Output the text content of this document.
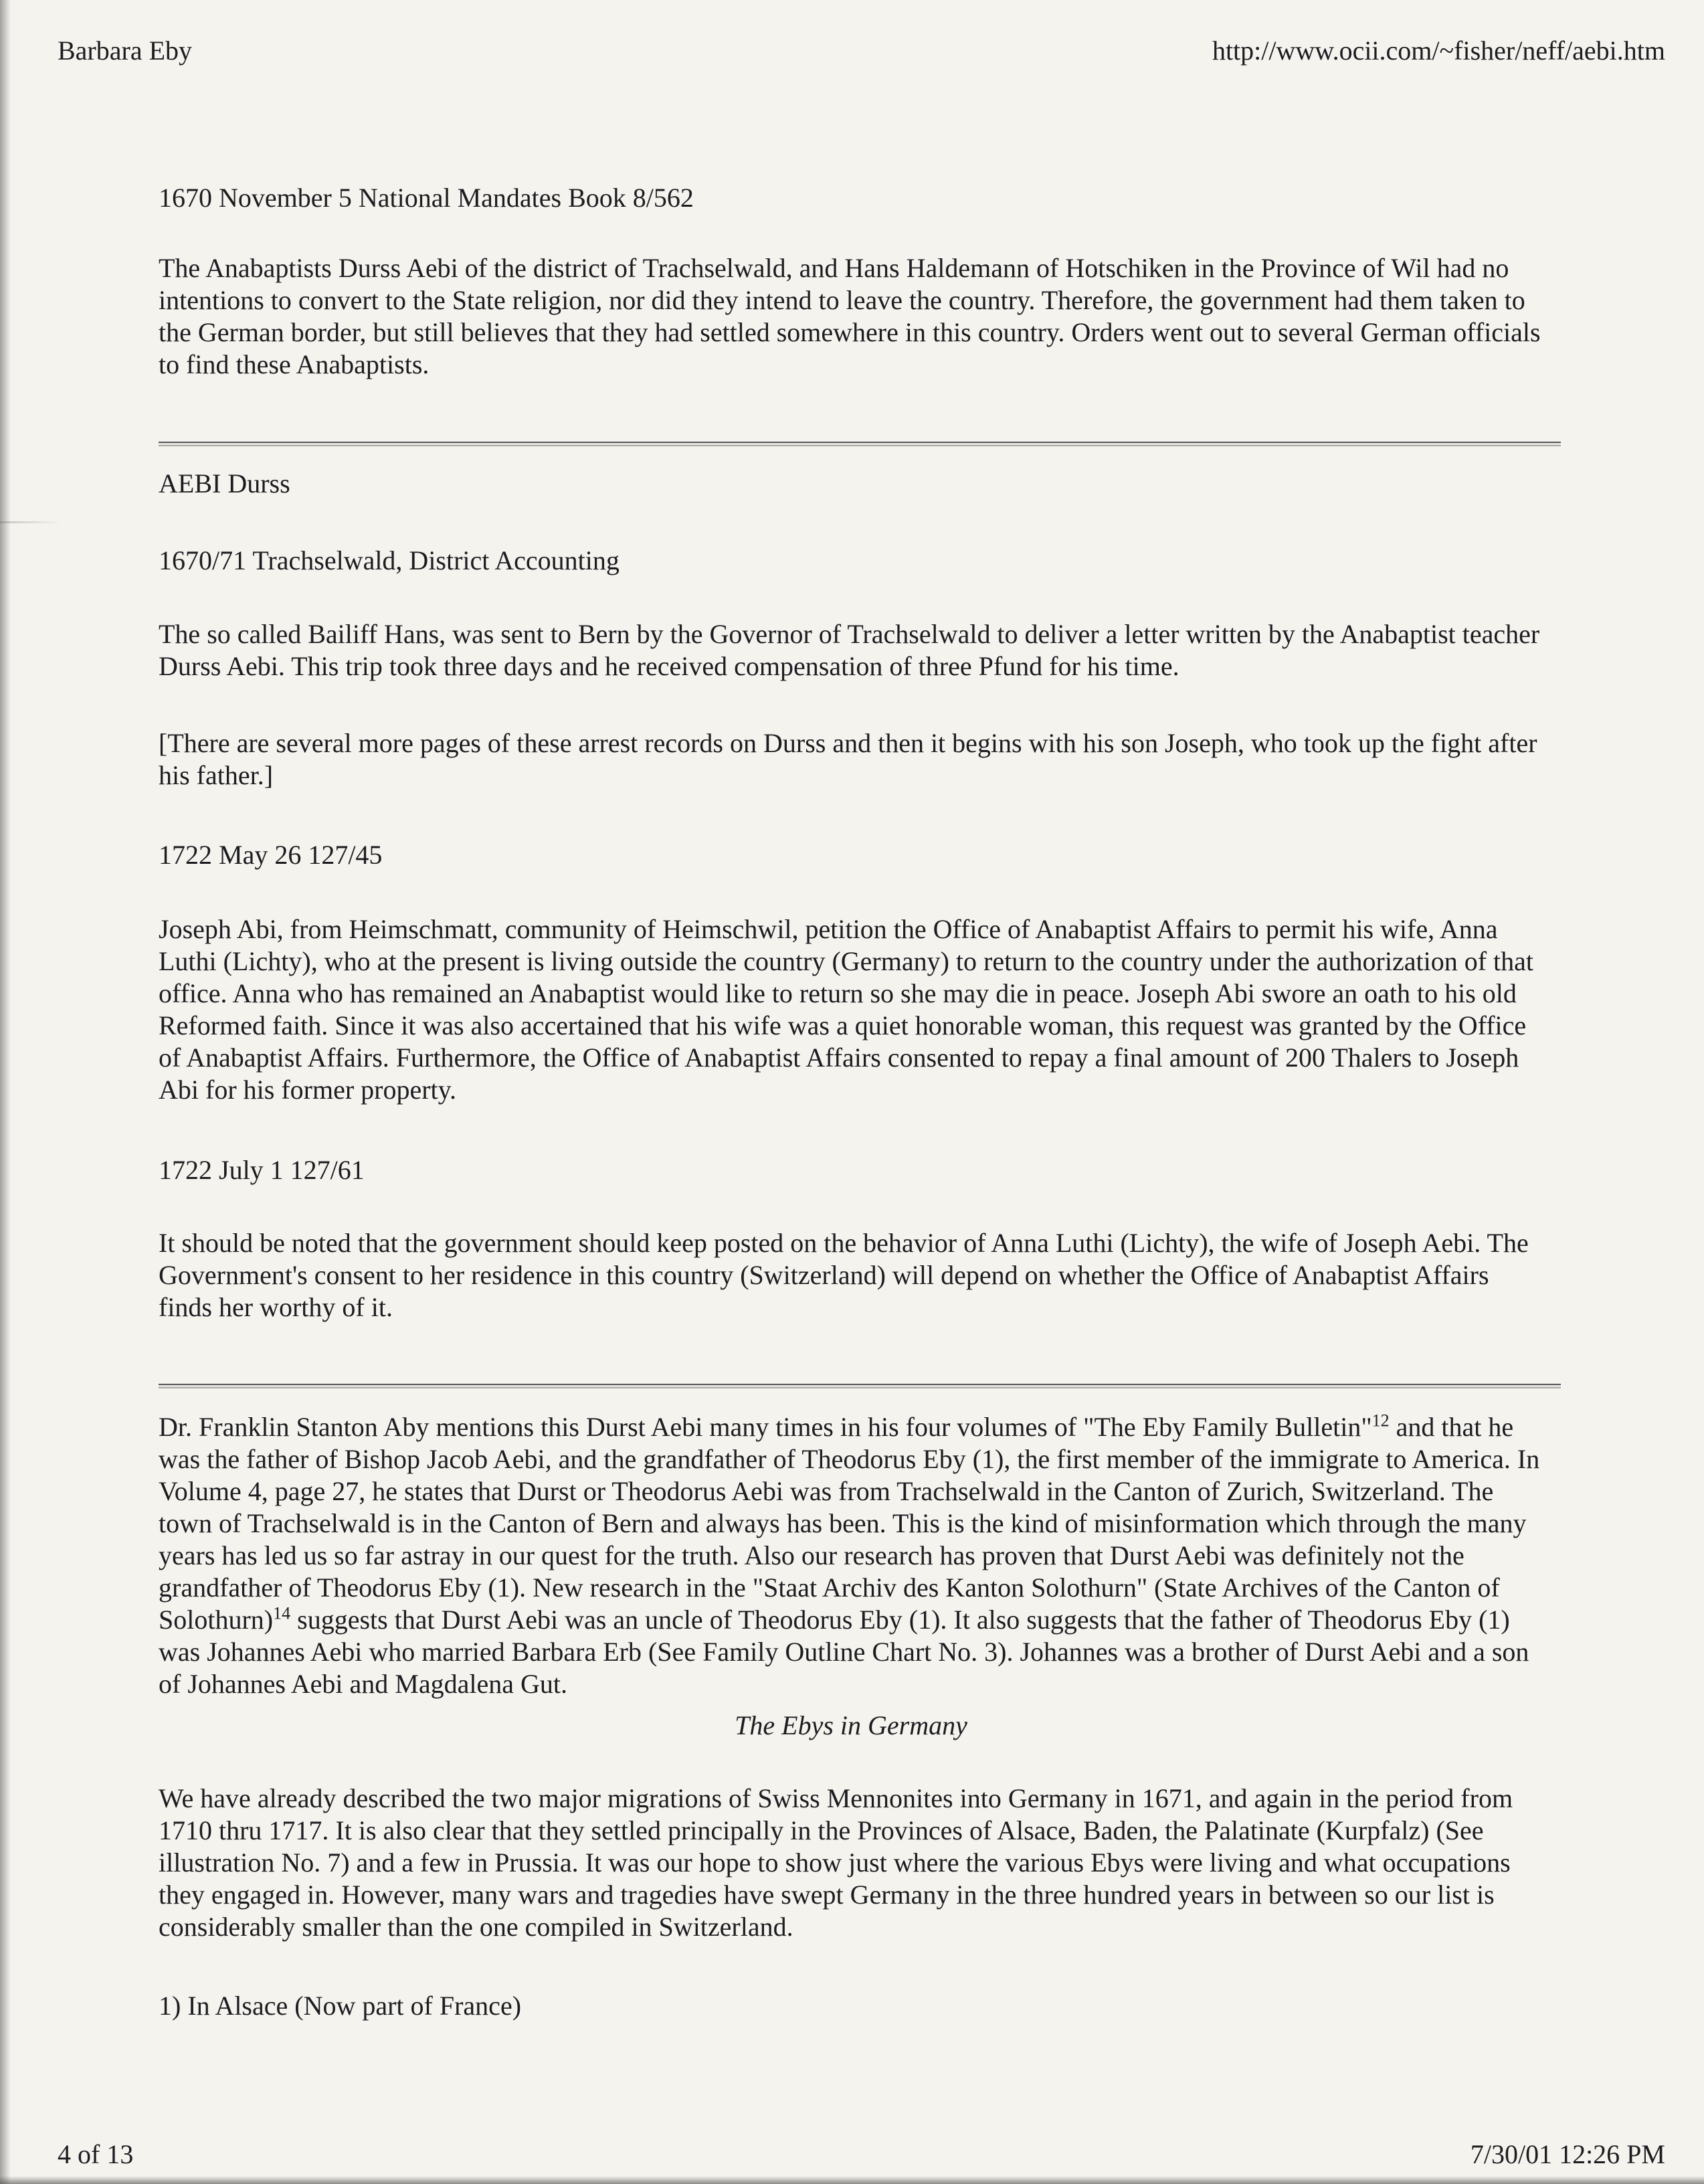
Barbara Eby	http://www.ocii.com/~fisher/neff/aebi.htm
1670 November 5 National Mandates Book 8/562
The Anabaptists Durss Aebi of the district of Trachselwald, and Hans Haldemann of Hotschiken in the Province of Wil had no intentions to convert to the State religion, nor did they intend to leave the country. Therefore, the government had them taken to the German border, but still believes that they had settled somewhere in this country. Orders went out to several German officials to find these Anabaptists.
AEBI Durss
1670/71 Trachselwald, District Accounting
The so called Bailiff Hans, was sent to Bern by the Governor of Trachselwald to deliver a letter written by the Anabaptist teacher Durss Aebi. This trip took three days and he received compensation of three Pfund for his time.
[There are several more pages of these arrest records on Durss and then it begins with his son Joseph, who took up the fight after his father.]
1722 May 26 127/45
Joseph Abi, from Heimschmatt, community of Heimschwil, petition the Office of Anabaptist Affairs to permit his wife, Anna Luthi (Lichty), who at the present is living outside the country (Germany) to return to the country under the authorization of that office. Anna who has remained an Anabaptist would like to return so she may die in peace. Joseph Abi swore an oath to his old Reformed faith. Since it was also accertained that his wife was a quiet honorable woman, this request was granted by the Office of Anabaptist Affairs. Furthermore, the Office of Anabaptist Affairs consented to repay a final amount of 200 Thalers to Joseph Abi for his former property.
1722 July 1 127/61
It should be noted that the government should keep posted on the behavior of Anna Luthi (Lichty), the wife of Joseph Aebi. The Government's consent to her residence in this country (Switzerland) will depend on whether the Office of Anabaptist Affairs finds her worthy of it.

Dr. Franklin Stanton Aby mentions this Durst Aebi many times in his four volumes of "The Eby Family Bulletin"$^{12}$ and that he was the father of Bishop Jacob Aebi, and the grandfather of Theodorus Eby (1), the first member of the immigrate to America. In Volume 4, page 27, he states that Durst or Theodorus Aebi was from Trachselwald in the Canton of Zurich, Switzerland. The town of Trachselwald is in the Canton of Bern and always has been. This is the kind of misinformation which through the many years has led us so far astray in our quest for the truth. Also our research has proven that Durst Aebi was definitely not the grandfather of Theodorus Eby (1). New research in the "Staat Archiv des Kanton Solothurn" (State Archives of the Canton of Solothurn)$^{14}$ suggests that Durst Aebi was an uncle of Theodorus Eby (1). It also suggests that the father of Theodorus Eby (1) was Johannes Aebi who married Barbara Erb (See Family Outline Chart No. 3). Johannes was a brother of Durst Aebi and a son of Johannes Aebi and Magdalena Gut.

The Ebys in Germany
We have already described the two major migrations of Swiss Mennonites into Germany in 1671, and again in the period from 1710 thru 1717. It is also clear that they settled principally in the Provinces of Alsace, Baden, the Palatinate (Kurpfalz) (See illustration No. 7) and a few in Prussia. It was our hope to show just where the various Ebys were living and what occupations they engaged in. However, many wars and tragedies have swept Germany in the three hundred years in between so our list is considerably smaller than the one compiled in Switzerland.
1) In Alsace (Now part of France)
4 of 13	7/30/01 12:26 PM
